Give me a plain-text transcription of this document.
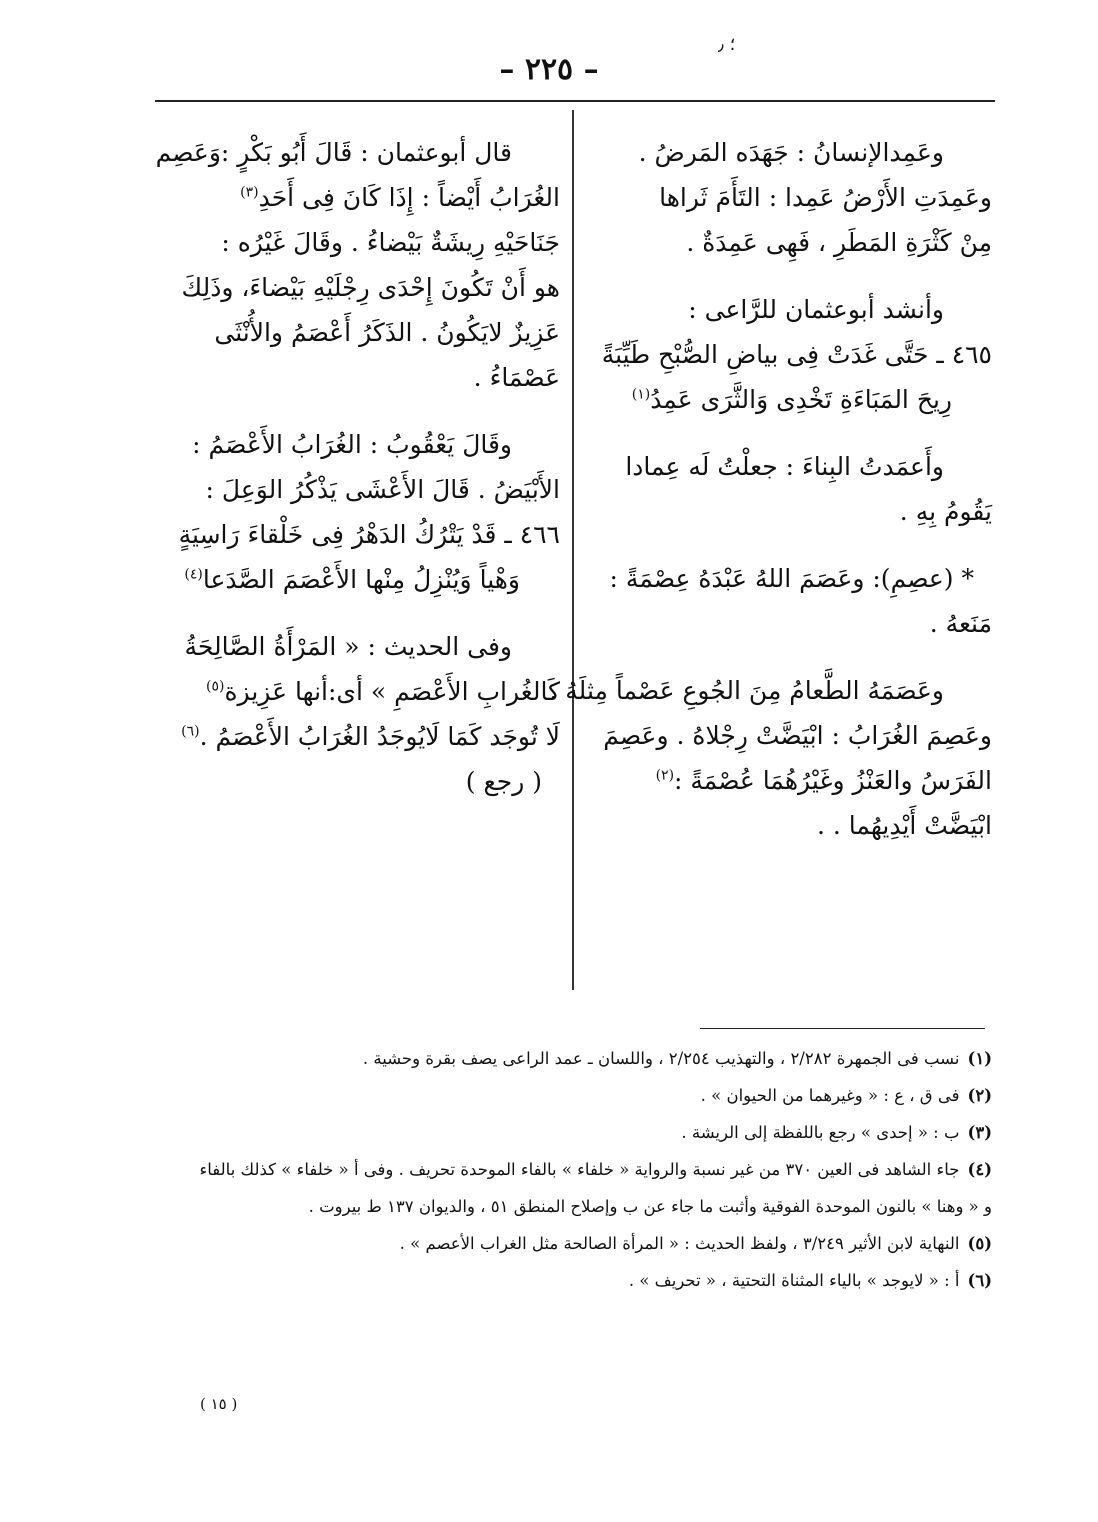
؛ ٫
– ٢٢٥ –
وعَمِدالإنسانُ : جَهَدَه المَرضُ .
وعَمِدَتِ الأَرْضُ عَمِدا : التَأَمَ ثَراها
مِنْ كَثْرَةِ المَطَرِ ، فَهِى عَمِدَةٌ .
وأنشد أبوعثمان للرَّاعى :
٤٦٥ ـ حَتَّى غَدَتْ فِى بياضِ الصُّبْحِ طَيِّبَةً
رِيحَ المَبَاءَةِ تَخْدِى وَالثَّرَى عَمِدُ$^{(١)}$
وأَعمَدتُ البِناءَ : جعلْتُ لَه عِمادا
يَقُومُ بِهِ .
* (عصِمِ): وعَصَمَ اللهُ عَبْدَهُ عِصْمَةً :
مَنَعهُ .
وعَصَمَهُ الطَّعامُ مِنَ الجُوعِ عَصْماً مِثلَهُ .
وعَصِمَ الغُرَابُ : ابْيَضَّتْ رِجْلاهُ . وعَصِمَ
الفَرَسُ والعَنْزُ وغَيْرُهُمَا عُصْمَةً :$^{(٢)}$
ابْيَضَّتْ أَيْدِيهُما . .
قال أبوعثمان : قَالَ أَبُو بَكْرٍ :وَعَصِم
الغُرَابُ أَيْضاً : إِذَا كَانَ فِى أَحَدِ$^{(٣)}$
جَنَاحَيْهِ رِيشَةٌ بَيْضاءُ . وقَالَ غَيْرُه :
هو أَنْ تَكُونَ إِحْدَى رِجْلَيْهِ بَيْضاءَ، وذَلِكَ
عَزِيزٌ لايَكُونُ . الذَكَرُ أَعْصَمُ والأُنْثَى
عَصْمَاءُ .
وقَالَ يَعْقُوبُ : الغُرَابُ الأَعْصَمُ :
الأَبْيَضُ . قَالَ الأَعْشَى يَذْكُرُ الوَعِلَ :
٤٦٦ ـ قَدْ يَتْرُكُ الدَهْرُ فِى خَلْقاءَ رَاسِيَةٍ
وَهْياً وَيُنْزِلُ مِنْها الأَعْصَمَ الصَّدَعا$^{(٤)}$
وفى الحديث : « المَرْأَةُ الصَّالِحَةُ
كَالغُرابِ الأَعْصَمِ » أى:أنها عَزِيزة$^{(٥)}$
لَا تُوجَد كَمَا لَايُوجَدُ الغُرَابُ الأَعْصَمُ .$^{(٦)}$
( رجع )
(١)نسب فى الجمهرة ٢/٢٨٢ ، والتهذيب ٢/٢٥٤ ، واللسان ـ عمد الراعى يصف بقرة وحشية .
(٢)فى ق ، ع : « وغيرهما من الحيوان » .
(٣)ب : « إحدى » رجع باللفظة إلى الريشة .
(٤)جاء الشاهد فى العين ٣٧٠ من غير نسبة والرواية « خلفاء » بالفاء الموحدة تحريف . وفى أ « خلفاء » كذلك بالفاء
و « وهنا » بالنون الموحدة الفوقية وأثبت ما جاء عن ب وإصلاح المنطق ٥١ ، والديوان ١٣٧ ط بيروت .
(٥)النهاية لابن الأثير ٣/٢٤٩ ، ولفظ الحديث : « المرأة الصالحة مثل الغراب الأعصم » .
(٦)أ : « لايوجد » بالياء المثناة التحتية ، « تحريف » .
( ١٥ )
